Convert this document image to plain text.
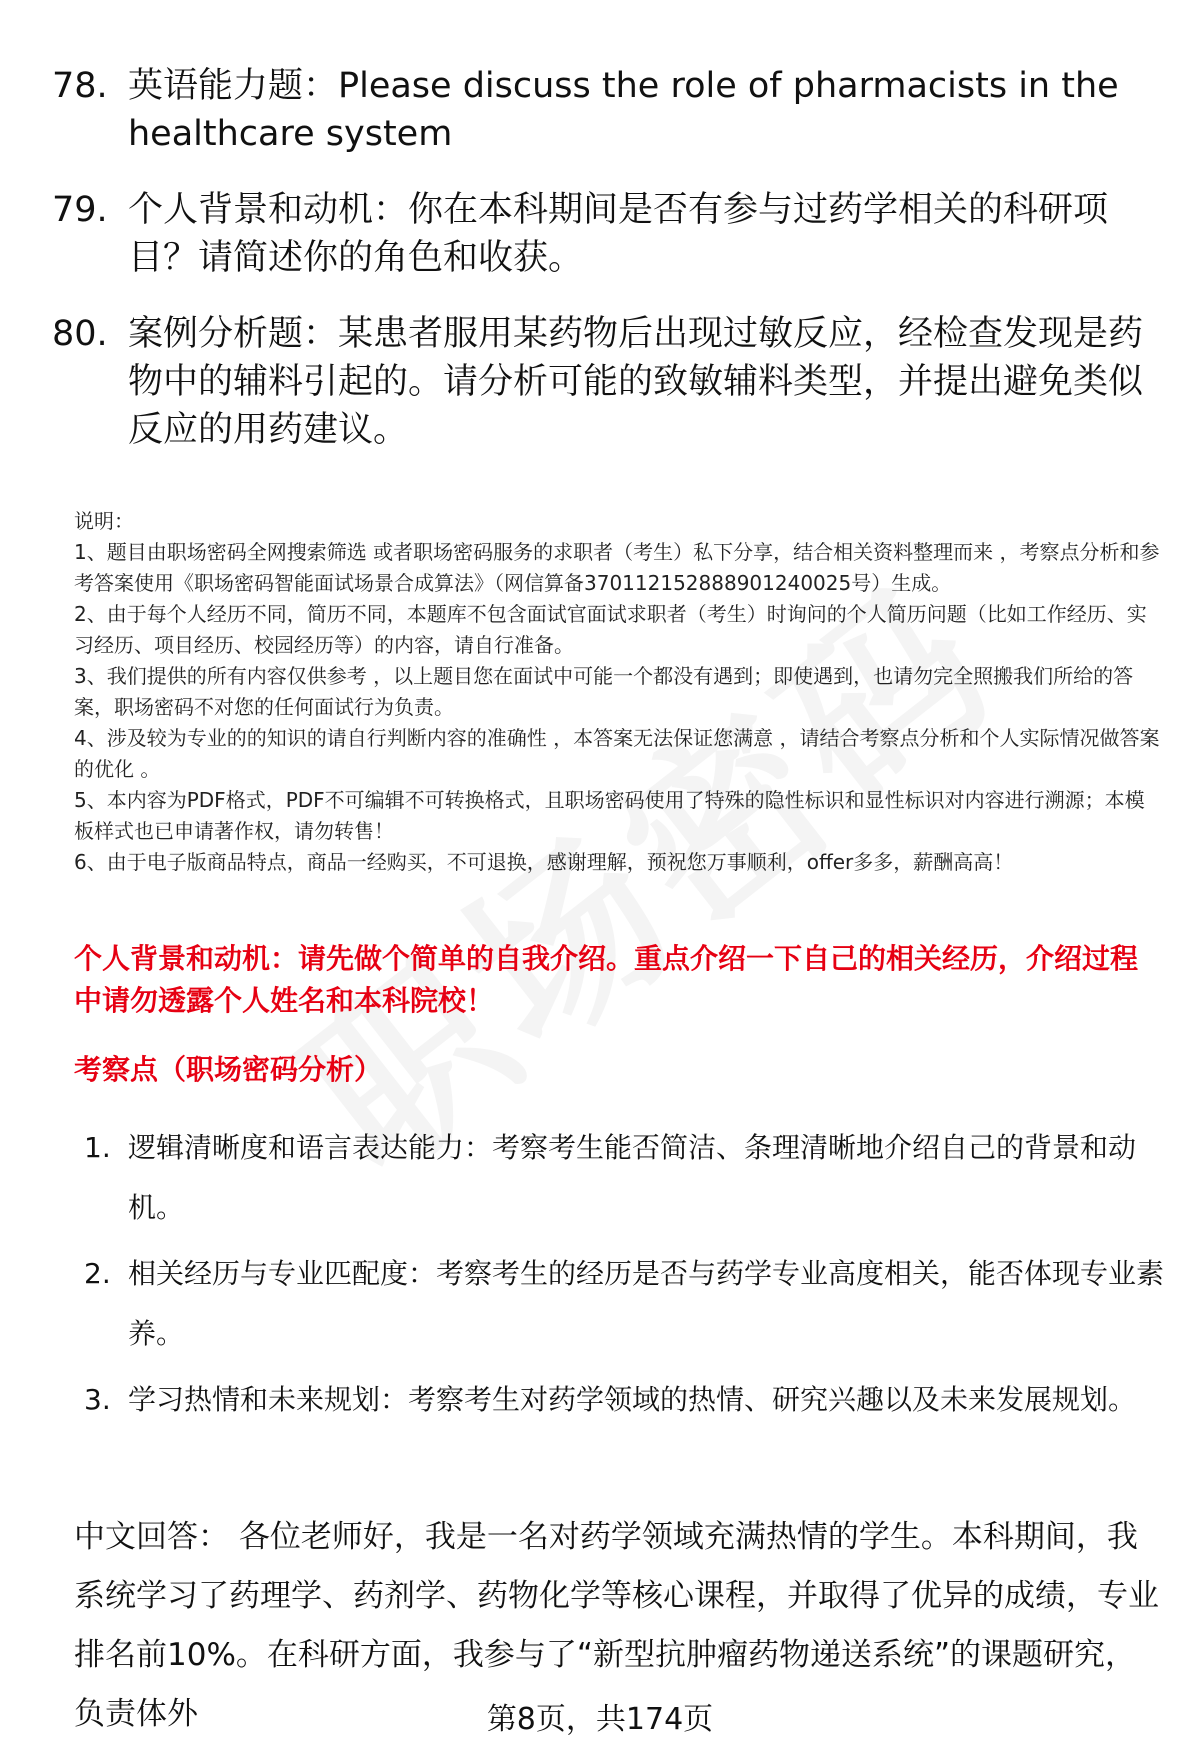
78. 英语能力题：Please discuss the role of pharmacists in the healthcare system
79. 个人背景和动机：你在本科期间是否有参与过药学相关的科研项目？请简述你的角色和收获。
80. 案例分析题：某患者服用某药物后出现过敏反应，经检查发现是药物中的辅料引起的。请分析可能的致敏辅料类型，并提出避免类似反应的用药建议。

说明：

1、题目由职场密码全网搜索筛选 或者职场密码服务的求职者（考生）私下分享，结合相关资料整理而来 ，考察点分析和参考答案使用《职场密码智能面试场景合成算法》（网信算备370112152888901240025号）生成。

2、由于每个人经历不同，简历不同，本题库不包含面试官面试求职者（考生）时询问的个人简历问题（比如工作经历、实习经历、项目经历、校园经历等）的内容，请自行准备。

3、我们提供的所有内容仅供参考 ，以上题目您在面试中可能一个都没有遇到；即使遇到，也请勿完全照搬我们所给的答案，职场密码不对您的任何面试行为负责。

4、涉及较为专业的的知识的请自行判断内容的准确性 ，本答案无法保证您满意 ，请结合考察点分析和个人实际情况做答案的优化 。

5、本内容为PDF格式，PDF不可编辑不可转换格式，且职场密码使用了特殊的隐性标识和显性标识对内容进行溯源；本模板样式也已申请著作权，请勿转售！

6、由于电子版商品特点，商品一经购买，不可退换，感谢理解，预祝您万事顺利，offer多多，薪酬高高！

个人背景和动机：请先做个简单的自我介绍。重点介绍一下自己的相关经历，介绍过程中请勿透露个人姓名和本科院校！
考察点（职场密码分析）
1. 逻辑清晰度和语言表达能力：考察考生能否简洁、条理清晰地介绍自己的背景和动机。
2. 相关经历与专业匹配度：考察考生的经历是否与药学专业高度相关，能否体现专业素养。
3. 学习热情和未来规划：考察考生对药学领域的热情、研究兴趣以及未来发展规划。
中文回答： 各位老师好，我是一名对药学领域充满热情的学生。本科期间，我系统学习了药理学、药剂学、药物化学等核心课程，并取得了优异的成绩，专业排名前10%。在科研方面，我参与了“新型抗肿瘤药物递送系统”的课题研究，负责体外	第8页，共174页
